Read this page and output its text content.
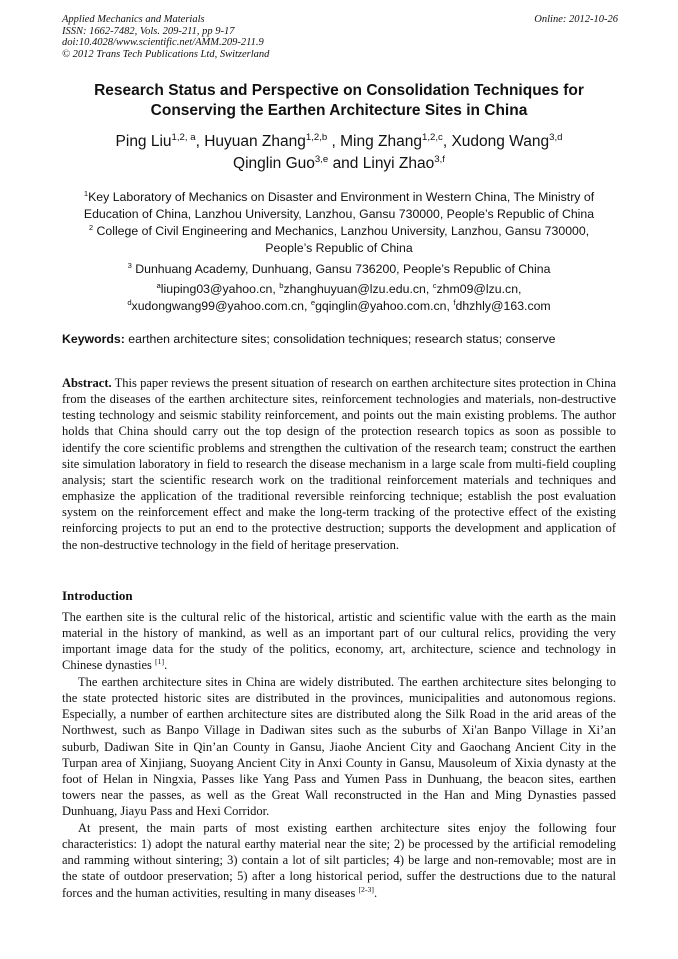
Applied Mechanics and Materials
ISSN: 1662-7482, Vols. 209-211, pp 9-17
doi:10.4028/www.scientific.net/AMM.209-211.9
© 2012 Trans Tech Publications Ltd, Switzerland
Online: 2012-10-26
Research Status and Perspective on Consolidation Techniques for
Conserving the Earthen Architecture Sites in China
Ping Liu$^{1,2, a}$, Huyuan Zhang$^{1,2,b}$ , Ming Zhang$^{1,2,c}$, Xudong Wang$^{3,d}$
Qinglin Guo$^{3,e}$ and Linyi Zhao$^{3,f}$
$^1$Key Laboratory of Mechanics on Disaster and Environment in Western China, The Ministry of
Education of China, Lanzhou University, Lanzhou, Gansu 730000, People’s Republic of China
$^2$ College of Civil Engineering and Mechanics, Lanzhou University, Lanzhou, Gansu 730000,
People’s Republic of China
$^3$ Dunhuang Academy, Dunhuang, Gansu 736200, People’s Republic of China
$^a$liuping03@yahoo.cn, $^b$zhanghuyuan@lzu.edu.cn, $^c$zhm09@lzu.cn,
$^d$xudongwang99@yahoo.com.cn, $^e$gqinglin@yahoo.com.cn, $^f$dhzhly@163.com
Keywords: earthen architecture sites; consolidation techniques; research status; conserve
Abstract. This paper reviews the present situation of research on earthen architecture sites protection in China from the diseases of the earthen architecture sites, reinforcement technologies and materials, non-destructive testing technology and seismic stability reinforcement, and points out the main existing problems. The author holds that China should carry out the top design of the protection research topics as soon as possible to identify the core scientific problems and strengthen the cultivation of the research team; construct the earthen site simulation laboratory in field to research the disease mechanism in a large scale from multi-field coupling analysis; start the scientific research work on the traditional reinforcement materials and techniques and emphasize the application of the traditional reversible reinforcing technique; establish the post evaluation system on the reinforcement effect and make the long-term tracking of the protective effect of the existing reinforcing projects to put an end to the protective destruction; supports the development and application of the non-destructive technology in the field of heritage preservation.
Introduction
The earthen site is the cultural relic of the historical, artistic and scientific value with the earth as the main material in the history of mankind, as well as an important part of our cultural relics, providing the very important image data for the study of the politics, economy, art, architecture, science and technology in Chinese dynasties [1].
The earthen architecture sites in China are widely distributed. The earthen architecture sites belonging to the state protected historic sites are distributed in the provinces, municipalities and autonomous regions. Especially, a number of earthen architecture sites are distributed along the Silk Road in the arid areas of the Northwest, such as Banpo Village in Dadiwan sites such as the suburbs of Xi'an Banpo Village in Xi’an suburb, Dadiwan Site in Qin’an County in Gansu, Jiaohe Ancient City and Gaochang Ancient City in the Turpan area of Xinjiang, Suoyang Ancient City in Anxi County in Gansu, Mausoleum of Xixia dynasty at the foot of Helan in Ningxia, Passes like Yang Pass and Yumen Pass in Dunhuang, the beacon sites, earthen towers near the passes, as well as the Great Wall reconstructed in the Han and Ming Dynasties passed Dunhuang, Jiayu Pass and Hexi Corridor.
At present, the main parts of most existing earthen architecture sites enjoy the following four characteristics: 1) adopt the natural earthy material near the site; 2) be processed by the artificial remodeling and ramming without sintering; 3) contain a lot of silt particles; 4) be large and non-removable; most are in the state of outdoor preservation; 5) after a long historical period, suffer the destructions due to the natural forces and the human activities, resulting in many diseases [2-3].
